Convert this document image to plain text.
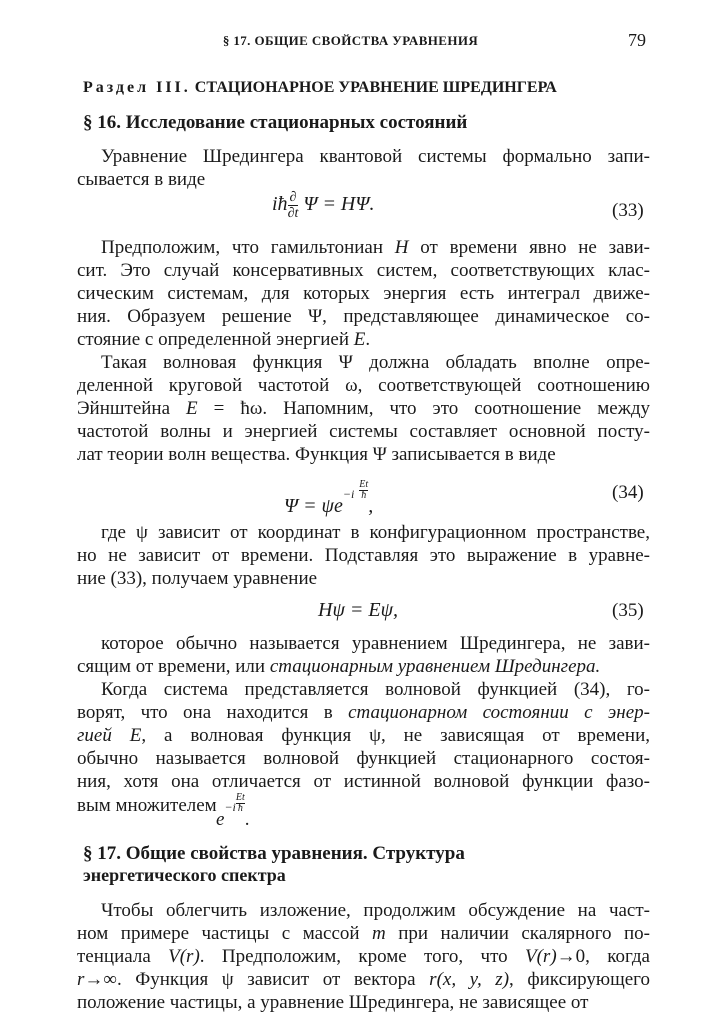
§ 17. ОБЩИЕ СВОЙСТВА УРАВНЕНИЯ	79
Раздел III. СТАЦИОНАРНОЕ УРАВНЕНИЕ ШРЕДИНГЕРА
§ 16. Исследование стационарных состояний
Уравнение Шредингера квантовой системы формально запи-
сывается в виде
Предположим, что гамильтониан H от времени явно не зави-
сит. Это случай консервативных систем, соответствующих клас-
сическим системам, для которых энергия есть интеграл движе-
ния. Образуем решение Ψ, представляющее динамическое со-
стояние с определенной энергией E.
Такая волновая функция Ψ должна обладать вполне опре-
деленной круговой частотой ω, соответствующей соотношению
Эйнштейна E = ħω. Напомним, что это соотношение между
частотой волны и энергией системы составляет основной посту-
лат теории волн вещества. Функция Ψ записывается в виде
где ψ зависит от координат в конфигурационном пространстве,
но не зависит от времени. Подставляя это выражение в уравне-
ние (33), получаем уравнение
которое обычно называется уравнением Шредингера, не зави-
сящим от времени, или стационарным уравнением Шредингера.
Когда система представляется волновой функцией (34), го-
ворят, что она находится в стационарном состоянии с энер-
гией E, а волновая функция ψ, не зависящая от времени,
обычно называется волновой функцией стационарного состоя-
ния, хотя она отличается от истинной волновой функции фазо-
вым множителем
Чтобы облегчить изложение, продолжим обсуждение на част-
ном примере частицы с массой m при наличии скалярного по-
тенциала V(r). Предположим, кроме того, что V(r)→0, когда
r→∞. Функция ψ зависит от вектора r(x, y, z), фиксирующего
положение частицы, а уравнение Шредингера, не зависящее от
iħ $\frac{\partial}{\partial t}$ Ψ = HΨ.	(33)
$\Psi = \psi e^{-i} \frac{Et}{ħ}$
,
(34)
Hψ = Eψ,	(35)
$e^{-i} \frac{Et}{ħ}$
.
§ 17. Общие свойства уравнения. Структура
энергетического спектра
